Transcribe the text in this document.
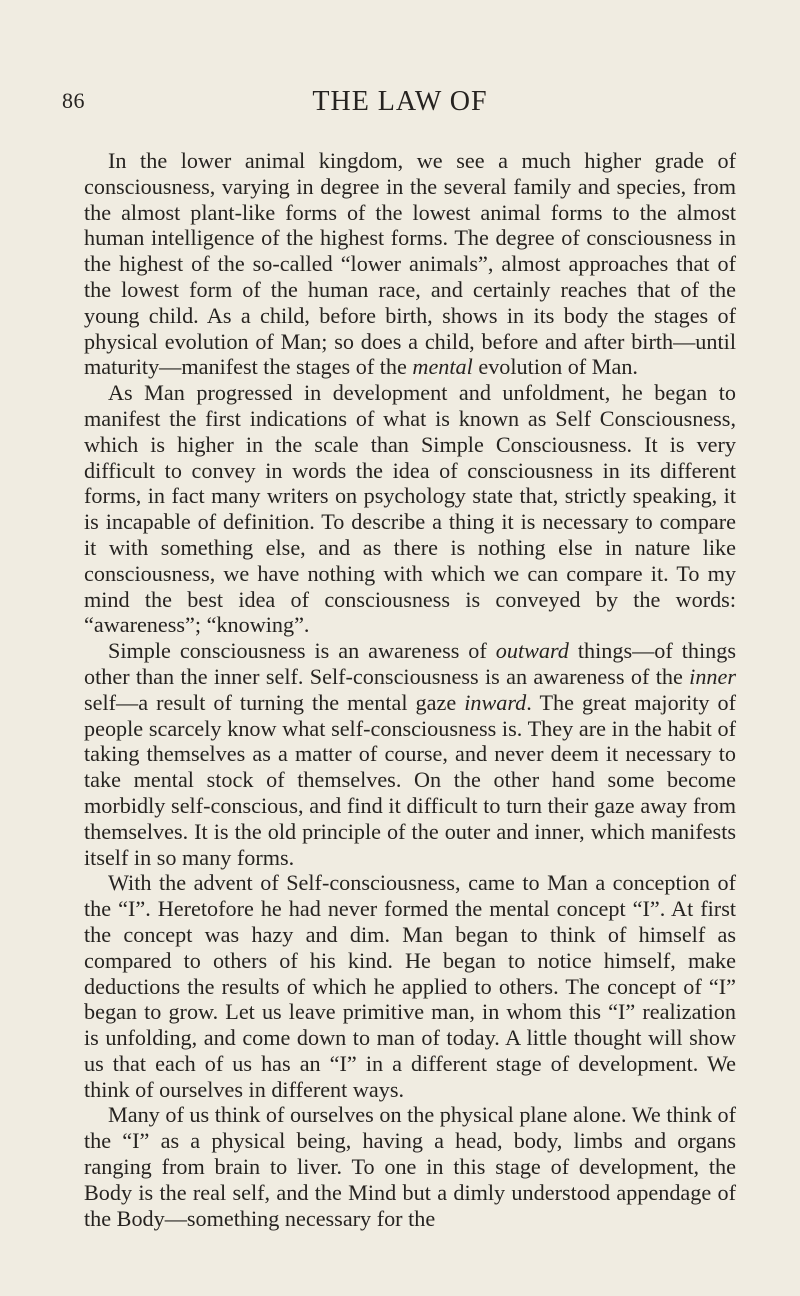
86	THE LAW OF

In the lower animal kingdom, we see a much higher grade of consciousness, varying in degree in the several family and species, from the almost plant-like forms of the lowest animal forms to the almost human intelligence of the highest forms. The degree of consciousness in the highest of the so-called “lower animals”, almost approaches that of the lowest form of the human race, and certainly reaches that of the young child. As a child, before birth, shows in its body the stages of physical evolution of Man; so does a child, before and after birth—until maturity—manifest the stages of the mental evolution of Man.

As Man progressed in development and unfoldment, he began to manifest the first indications of what is known as Self Consciousness, which is higher in the scale than Simple Consciousness. It is very difficult to convey in words the idea of consciousness in its different forms, in fact many writers on psychology state that, strictly speaking, it is incapable of definition. To describe a thing it is necessary to compare it with something else, and as there is nothing else in nature like consciousness, we have nothing with which we can compare it. To my mind the best idea of consciousness is conveyed by the words: “awareness”; “knowing”.

Simple consciousness is an awareness of outward things—of things other than the inner self. Self-consciousness is an awareness of the inner self—a result of turning the mental gaze inward. The great majority of people scarcely know what self-consciousness is. They are in the habit of taking themselves as a matter of course, and never deem it necessary to take mental stock of themselves. On the other hand some become morbidly self-conscious, and find it difficult to turn their gaze away from themselves. It is the old principle of the outer and inner, which manifests itself in so many forms.

With the advent of Self-consciousness, came to Man a conception of the “I”. Heretofore he had never formed the mental concept “I”. At first the concept was hazy and dim. Man began to think of himself as compared to others of his kind. He began to notice himself, make deductions the results of which he applied to others. The concept of “I” began to grow. Let us leave primitive man, in whom this “I” realization is unfolding, and come down to man of today. A little thought will show us that each of us has an “I” in a different stage of development. We think of ourselves in different ways.

Many of us think of ourselves on the physical plane alone. We think of the “I” as a physical being, having a head, body, limbs and organs ranging from brain to liver. To one in this stage of development, the Body is the real self, and the Mind but a dimly understood appendage of the Body—something necessary for the
